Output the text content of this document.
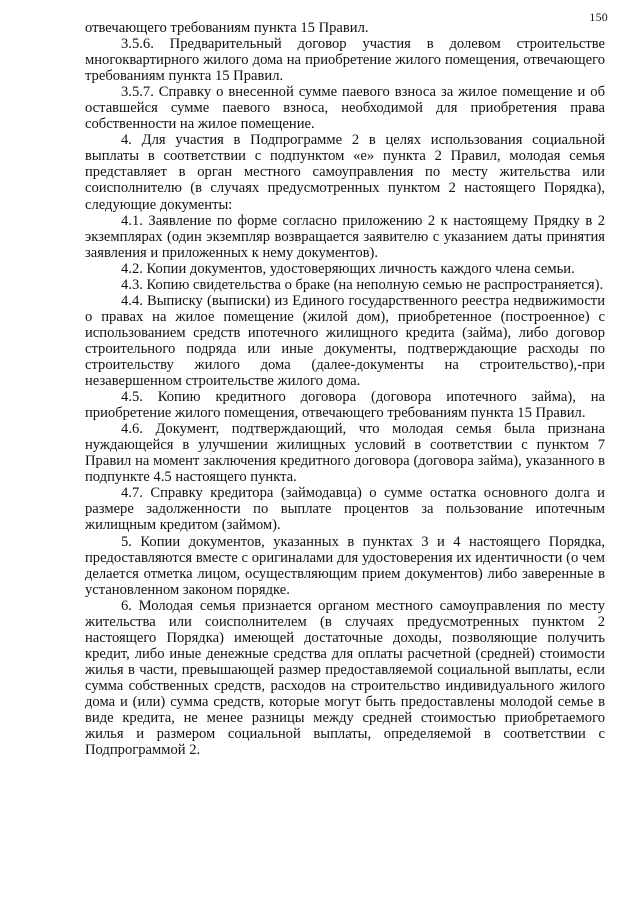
150

отвечающего требованиям пункта 15 Правил.

3.5.6. Предварительный договор участия в долевом строительстве многоквартирного жилого дома на приобретение жилого помещения, отвечающего требованиям пункта 15 Правил.

3.5.7. Справку о внесенной сумме паевого взноса за жилое помещение и об оставшейся сумме паевого взноса, необходимой для приобретения права собственности на жилое помещение.

4. Для участия в Подпрограмме 2 в целях использования социальной выплаты в соответствии с подпунктом «е» пункта 2 Правил, молодая семья представляет в орган местного самоуправления по месту жительства или соисполнителю (в случаях предусмотренных пунктом 2 настоящего Порядка), следующие документы:

4.1. Заявление по форме согласно приложению 2 к настоящему Прядку в 2 экземплярах (один экземпляр возвращается заявителю с указанием даты принятия заявления и приложенных к нему документов).

4.2. Копии документов, удостоверяющих личность каждого члена семьи.

4.3. Копию свидетельства о браке (на неполную семью не распространяется).

4.4. Выписку (выписки) из Единого государственного реестра недвижимости о правах на жилое помещение (жилой дом), приобретенное (построенное) с использованием средств ипотечного жилищного кредита (займа), либо договор строительного подряда или иные документы, подтверждающие расходы по строительству жилого дома (далее-документы на строительство),-при незавершенном строительстве жилого дома.

4.5. Копию кредитного договора (договора ипотечного займа), на приобретение жилого помещения, отвечающего требованиям пункта 15 Правил.

4.6. Документ, подтверждающий, что молодая семья была признана нуждающейся в улучшении жилищных условий в соответствии с пунктом 7 Правил на момент заключения кредитного договора (договора займа), указанного в подпункте 4.5 настоящего пункта.

4.7. Справку кредитора (займодавца) о сумме остатка основного долга и размере задолженности по выплате процентов за пользование ипотечным жилищным кредитом (займом).

5. Копии документов, указанных в пунктах 3 и 4 настоящего Порядка, предоставляются вместе с оригиналами для удостоверения их идентичности (о чем делается отметка лицом, осуществляющим прием документов) либо заверенные в установленном законом порядке.

6. Молодая семья признается органом местного самоуправления по месту жительства или соисполнителем (в случаях предусмотренных пунктом 2 настоящего Порядка) имеющей достаточные доходы, позволяющие получить кредит, либо иные денежные средства для оплаты расчетной (средней) стоимости жилья в части, превышающей размер предоставляемой социальной выплаты, если сумма собственных средств, расходов на строительство индивидуального жилого дома и (или) сумма средств, которые могут быть предоставлены молодой семье в виде кредита, не менее разницы между средней стоимостью приобретаемого жилья и размером социальной выплаты, определяемой в соответствии с Подпрограммой 2.
